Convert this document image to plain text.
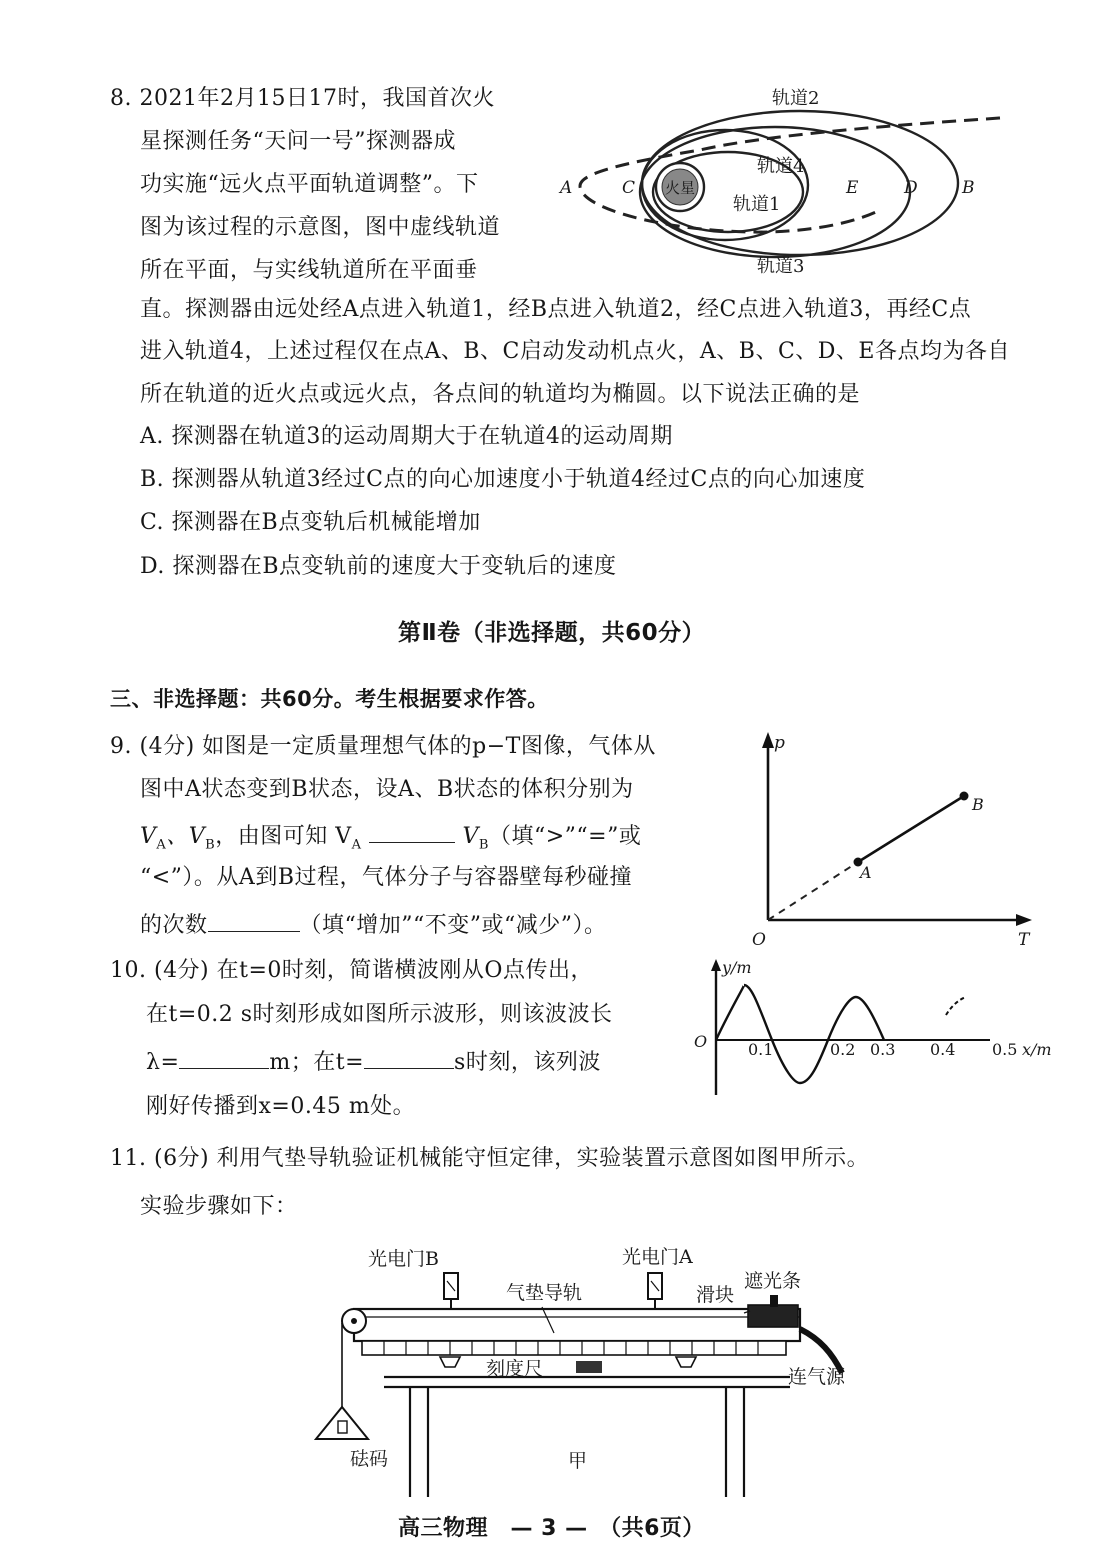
8. 2021年2月15日17时，我国首次火
星探测任务“天问一号”探测器成
功实施“远火点平面轨道调整”。下
图为该过程的示意图，图中虚线轨道
所在平面，与实线轨道所在平面垂
直。探测器由远处经A点进入轨道1，经B点进入轨道2，经C点进入轨道3，再经C点
进入轨道4，上述过程仅在点A、B、C启动发动机点火，A、B、C、D、E各点均为各自
所在轨道的近火点或远火点，各点间的轨道均为椭圆。以下说法正确的是
A. 探测器在轨道3的运动周期大于在轨道4的运动周期
B. 探测器从轨道3经过C点的向心加速度小于轨道4经过C点的向心加速度
C. 探测器在B点变轨后机械能增加
D. 探测器在B点变轨前的速度大于变轨后的速度
火星
轨道2
轨道4
轨道1
轨道3
A	C	E	D	B
第Ⅱ卷（非选择题，共60分）
三、非选择题：共60分。考生根据要求作答。
9. (4分) 如图是一定质量理想气体的p−T图像，气体从
图中A状态变到B状态，设A、B状态的体积分别为
$V_A$、$V_B$，由图可知 $V_A$	$V_B$（填“>”“=”或
“<”）。从A到B过程，气体分子与容器壁每秒碰撞
的次数	（填“增加”“不变”或“减少”）。
p
T
O
A
B
10. (4分) 在t=0时刻，简谐横波刚从O点传出，
在t=0.2 s时刻形成如图所示波形，则该波波长
λ=	m；在t=	s时刻，该列波
刚好传播到x=0.45 m处。
y/m
O	0.1	0.2 0.3 0.4 0.5 x/m
11. (6分) 利用气垫导轨验证机械能守恒定律，实验装置示意图如图甲所示。
实验步骤如下：
光电门B	光电门A
气垫导轨	滑块
遮光条
刻度尺	连气源
砝码	甲
高三物理　— 3 —　（共6页）
